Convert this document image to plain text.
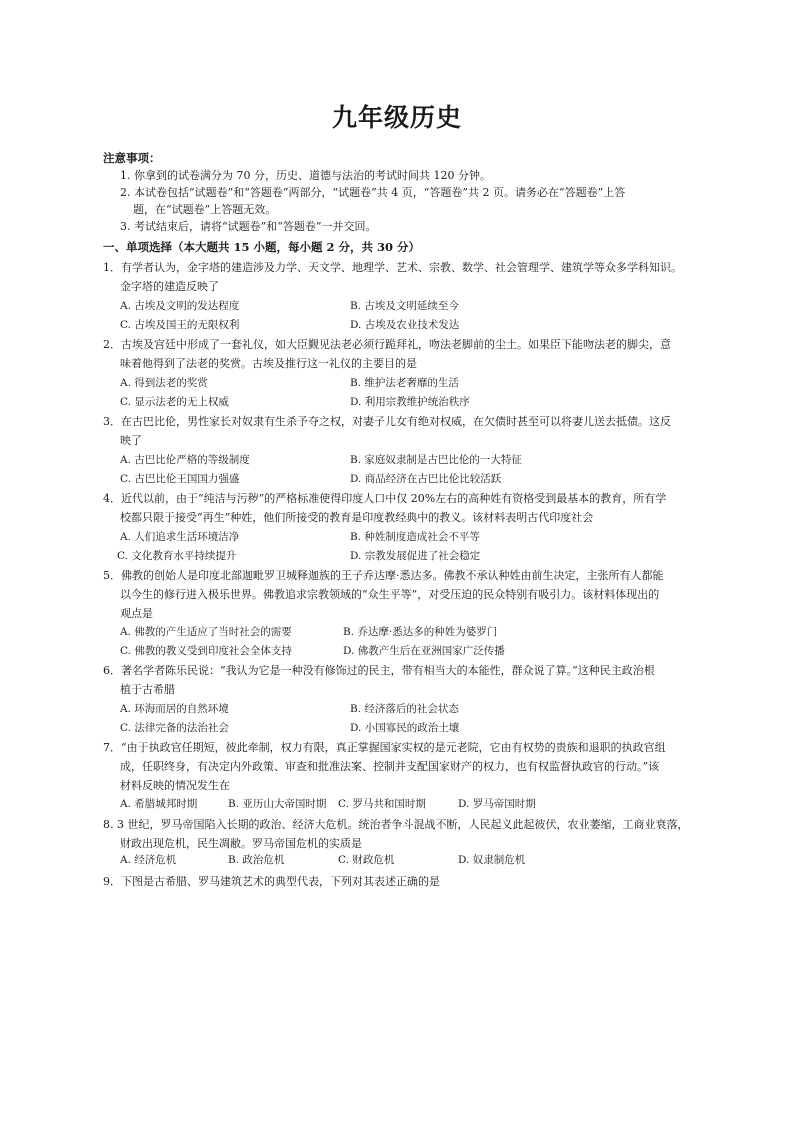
九年级历史
注意事项：
1. 你拿到的试卷满分为 70 分，历史、道德与法治的考试时间共 120 分钟。
2. 本试卷包括“试题卷”和“答题卷”两部分，“试题卷”共 4 页，“答题卷”共 2 页。请务必在“答题卷”上答
题，在“试题卷”上答题无效。
3. 考试结束后，请将“试题卷”和“答题卷”一并交回。
一、单项选择（本大题共 15 小题，每小题 2 分，共 30 分）
1．有学者认为，金字塔的建造涉及力学、天文学、地理学、艺术、宗教、数学、社会管理学、建筑学等众多学科知识。
金字塔的建造反映了
A. 古埃及文明的发达程度	B. 古埃及文明延续至今
C. 古埃及国王的无限权利	D. 古埃及农业技术发达
2．古埃及宫廷中形成了一套礼仪，如大臣觐见法老必须行跪拜礼，吻法老脚前的尘土。如果臣下能吻法老的脚尖，意
味着他得到了法老的奖赏。古埃及推行这一礼仪的主要目的是
A. 得到法老的奖赏	B. 维护法老奢靡的生活
C. 显示法老的无上权威	D. 利用宗教维护统治秩序
3．在古巴比伦，男性家长对奴隶有生杀予夺之权，对妻子儿女有绝对权威，在欠债时甚至可以将妻儿送去抵债。这反
映了
A. 古巴比伦严格的等级制度	B. 家庭奴隶制是古巴比伦的一大特征
C. 古巴比伦王国国力强盛	D. 商品经济在古巴比伦比较活跃
4．近代以前，由于“纯洁与污秽”的严格标准使得印度人口中仅 20%左右的高种姓有资格受到最基本的教育，所有学
校都只限于接受“再生”种姓，他们所接受的教育是印度教经典中的教义。该材料表明古代印度社会
A. 人们追求生活环境洁净	B. 种姓制度造成社会不平等
C. 文化教育水平持续提升	D. 宗教发展促进了社会稳定
5．佛教的创始人是印度北部迦毗罗卫城释迦族的王子乔达摩·悉达多。佛教不承认种姓由前生决定，主张所有人都能
以今生的修行进入极乐世界。佛教追求宗教领域的“众生平等”，对受压迫的民众特别有吸引力。该材料体现出的
观点是
A. 佛教的产生适应了当时社会的需要	B. 乔达摩·悉达多的种姓为婆罗门
C. 佛教的教义受到印度社会全体支持	D. 佛教产生后在亚洲国家广泛传播
6．著名学者陈乐民说：“我认为它是一种没有修饰过的民主，带有相当大的本能性，群众说了算。”这种民主政治根
植于古希腊
A. 环海而居的自然环境	B. 经济落后的社会状态
C. 法律完备的法治社会	D. 小国寡民的政治土壤
7．“由于执政官任期短，彼此牵制，权力有限，真正掌握国家实权的是元老院，它由有权势的贵族和退职的执政官组
成，任职终身，有决定内外政策、审查和批准法案、控制并支配国家财产的权力，也有权监督执政官的行动。”该
材料反映的情况发生在
A. 希腊城邦时期	B. 亚历山大帝国时期 C. 罗马共和国时期	D. 罗马帝国时期
8. 3 世纪，罗马帝国陷入长期的政治、经济大危机。统治者争斗混战不断，人民起义此起彼伏，农业萎缩，工商业衰落，
财政出现危机，民生凋敝。罗马帝国危机的实质是
A. 经济危机	B. 政治危机	C. 财政危机	D. 奴隶制危机
9．下图是古希腊、罗马建筑艺术的典型代表，下列对其表述正确的是
